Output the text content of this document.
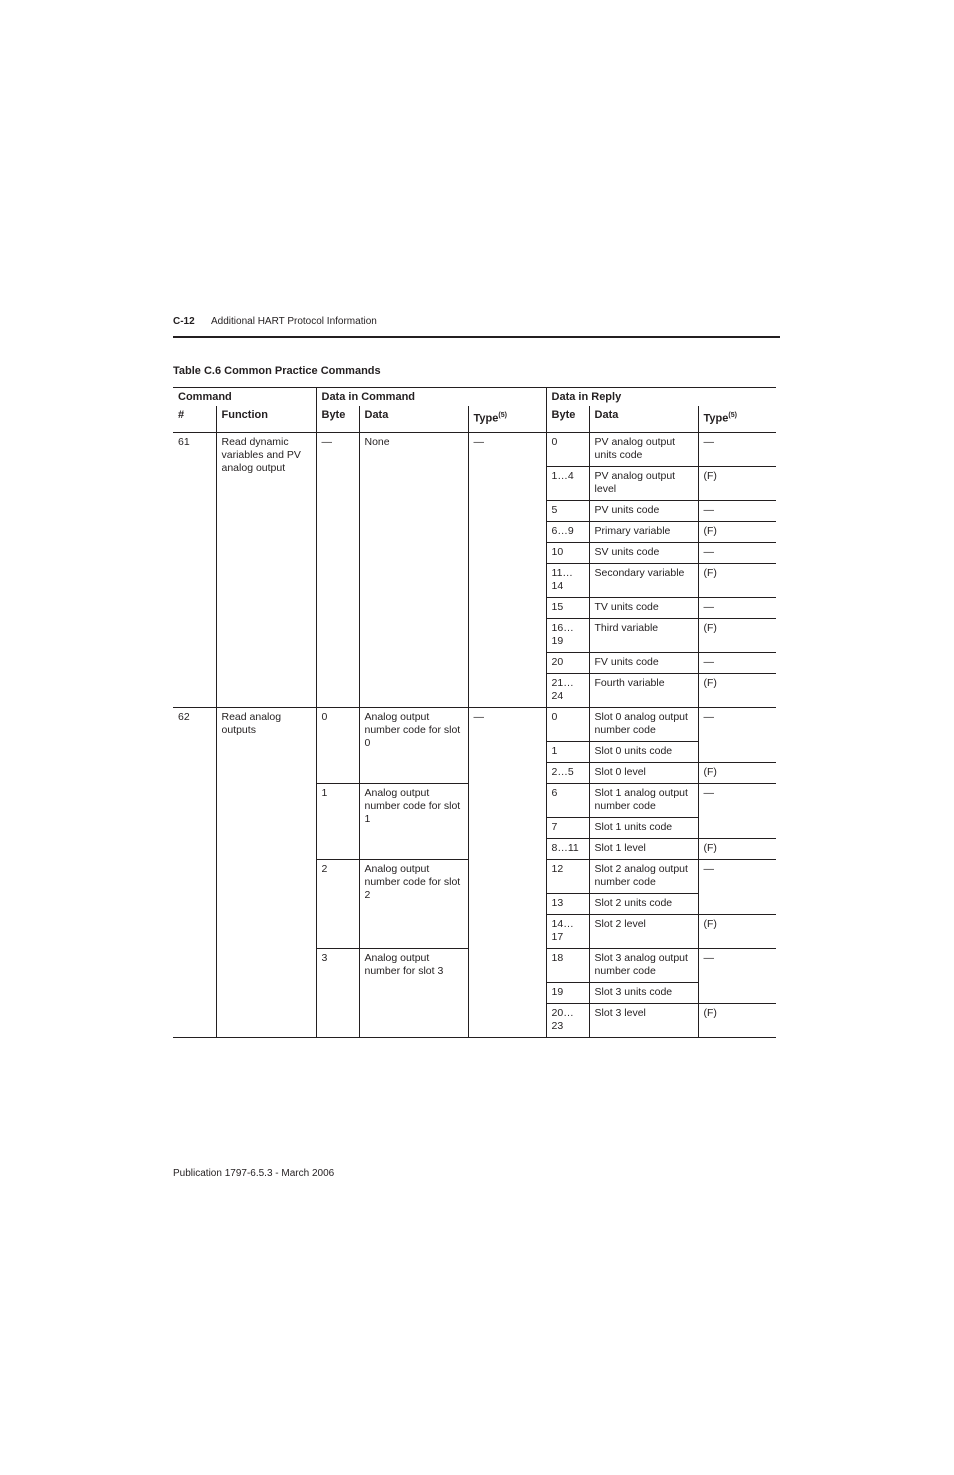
C-12 Additional HART Protocol Information
Table C.6 Common Practice Commands
Command		Data in Command			Data in Reply		
#	Function	Byte	Data	Type$^{(5)}$	Byte	Data	Type$^{(5)}$
61	Read dynamic variables and PV analog output	—	None	—	0	PV analog output units code	—
					1…4	PV analog output level	(F)
					5	PV units code	—
					6…9	Primary variable	(F)
					10	SV units code	—
					11…14	Secondary variable	(F)
					15	TV units code	—
					16…19	Third variable	(F)
					20	FV units code	—
					21…24	Fourth variable	(F)
62	Read analog outputs	0	Analog output number code for slot 0	—	0	Slot 0 analog output number code	—
					1	Slot 0 units code	
					2…5	Slot 0 level	(F)
		1	Analog output number code for slot 1		6	Slot 1 analog output number code	—
					7	Slot 1 units code	
					8…11	Slot 1 level	(F)
		2	Analog output number code for slot 2		12	Slot 2 analog output number code	—
					13	Slot 2 units code	
					14…17	Slot 2 level	(F)
		3	Analog output number for slot 3		18	Slot 3 analog output number code	—
					19	Slot 3 units code	
					20…23	Slot 3 level	(F)
Publication 1797-6.5.3 - March 2006
